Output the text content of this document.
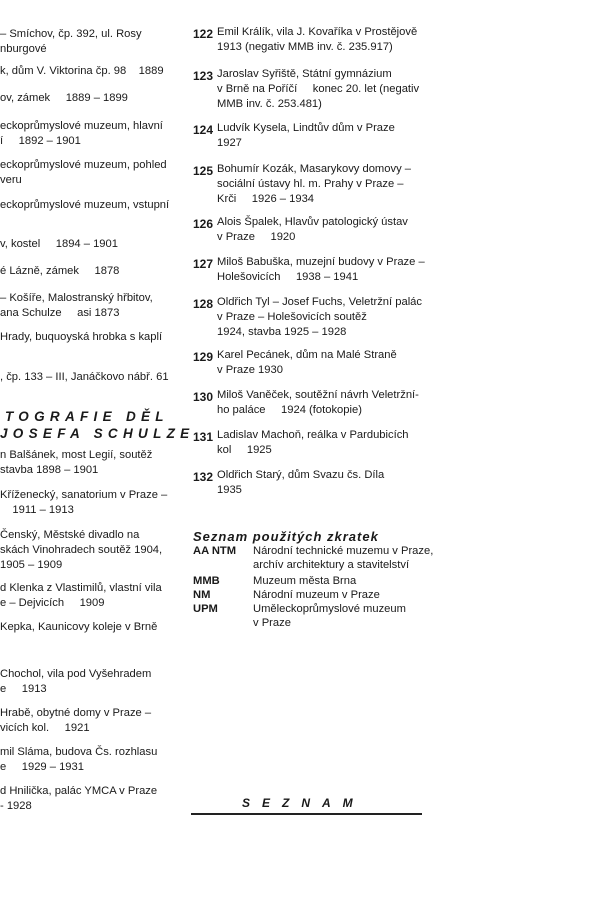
– Smíchov, čp. 392, ul. Rosy
nburgové
k, dům V. Viktorina čp. 98    1889
ov, zámek     1889 – 1899
eckoprůmyslové muzeum, hlavní
í     1892 – 1901
eckoprůmyslové muzeum, pohled
veru
eckoprůmyslové muzeum, vstupní
v, kostel     1894 – 1901
é Lázně, zámek     1878
– Košíře, Malostranský hřbitov,
ana Schulze     asi 1873
Hrady, buquoyská hrobka s kaplí
, čp. 133 – III, Janáčkovo nábř. 61
n Balšánek, most Legií, soutěž
stavba 1898 – 1901
Kříženecký, sanatorium v Praze –
1911 – 1913
Čenský, Městské divadlo na
skách Vinohradech soutěž 1904,
1905 – 1909
d Klenka z Vlastimilů, vlastní vila
e – Dejvicích     1909
Kepka, Kaunicovy koleje v Brně
Chochol, vila pod Vyšehradem
e     1913
Hrabě, obytné domy v Praze –
vicích kol.     1921
mil Sláma, budova Čs. rozhlasu
e     1929 – 1931
d Hnilička, palác YMCA v Praze
- 1928
122 Emil Králík, vila J. Kovaříka v Prostějově
1913 (negativ MMB inv. č. 235.917)
123 Jaroslav Syřiště, Státní gymnázium
v Brně na Poříčí     konec 20. let (negativ
MMB inv. č. 253.481)
124 Ludvík Kysela, Lindtův dům v Praze
1927
125 Bohumír Kozák, Masarykovy domovy –
sociální ústavy hl. m. Prahy v Praze –
Krči     1926 – 1934
126 Alois Špalek, Hlavův patologický ústav
v Praze     1920
127 Miloš Babuška, muzejní budovy v Praze –
Holešovicích     1938 – 1941
128 Oldřich Tyl – Josef Fuchs, Veletržní palác
v Praze – Holešovicích soutěž
1924, stavba 1925 – 1928
129 Karel Pecánek, dům na Malé Straně
v Praze 1930
130 Miloš Vaněček, soutěžní návrh Veletržní-
ho paláce     1924 (fotokopie)
131 Ladislav Machoň, reálka v Pardubicích
kol     1925
132 Oldřich Starý, dům Svazu čs. Díla
1935
TOGRAFIE DĚL
JOSEFA SCHULZE
Seznam použitých zkratek
AA NTM	Národní technické muzemu v Praze,
archív architektury a stavitelství
MMB	Muzeum města Brna
NM	Národní muzeum v Praze
UPM	Uměleckoprůmyslové muzeum
v Praze
SEZNAM
